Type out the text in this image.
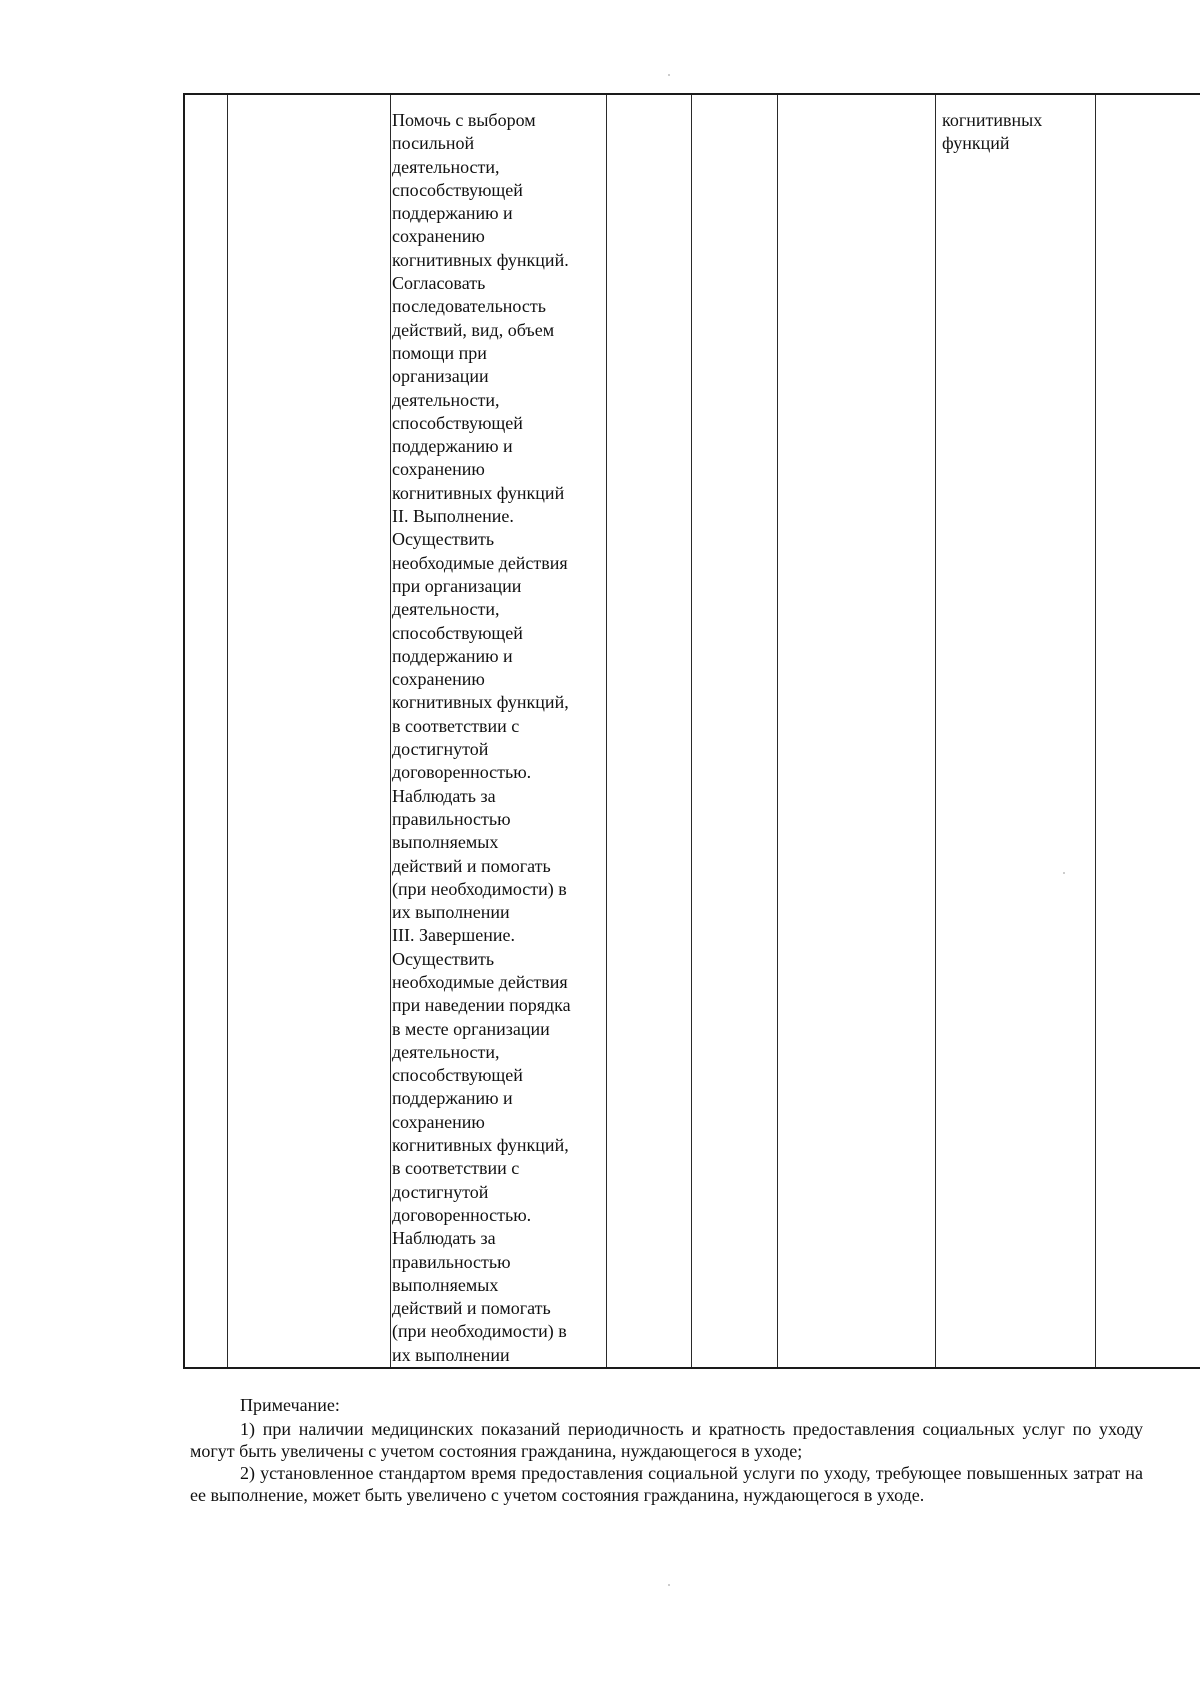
Помочь с выбором
посильной
деятельности,
способствующей
поддержанию и
сохранению
когнитивных функций.
Согласовать
последовательность
действий, вид, объем
помощи при
организации
деятельности,
способствующей
поддержанию и
сохранению
когнитивных функций
II. Выполнение.
Осуществить
необходимые действия
при организации
деятельности,
способствующей
поддержанию и
сохранению
когнитивных функций,
в соответствии с
достигнутой
договоренностью.
Наблюдать за
правильностью
выполняемых
действий и помогать
(при необходимости) в
их выполнении
III. Завершение.
Осуществить
необходимые действия
при наведении порядка
в месте организации
деятельности,
способствующей
поддержанию и
сохранению
когнитивных функций,
в соответствии с
достигнутой
договоренностью.
Наблюдать за
правильностью
выполняемых
действий и помогать
(при необходимости) в
их выполнении
когнитивных
функций
Примечание:

1) при наличии медицинских показаний периодичность и кратность предоставления социальных услуг по уходу могут быть увеличены с учетом состояния гражданина, нуждающегося в уходе;

2) установленное стандартом время предоставления социальной услуги по уходу, требующее повышенных затрат на ее выполнение, может быть увеличено с учетом состояния гражданина, нуждающегося в уходе.
